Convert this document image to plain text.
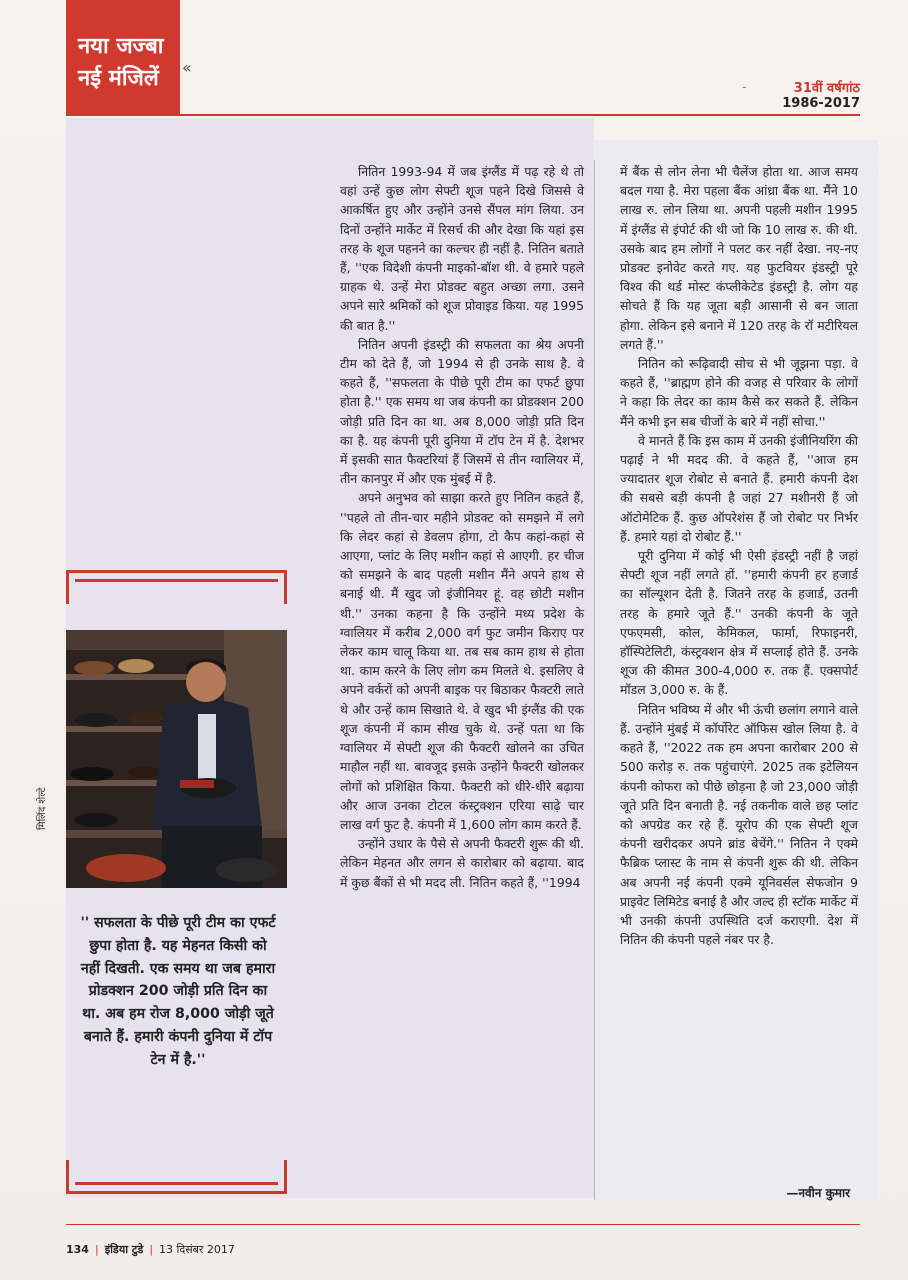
नया जज्बा
नई मंजिलें «
-	31वीं वर्षगांठ
1986-2017
मिलिंद शेल्टे
'' सफलता के पीछे पूरी टीम का एफर्ट छुपा होता है. यह मेहनत किसी को नहीं दिखती. एक समय था जब हमारा प्रोडक्शन 200 जोड़ी प्रति दिन का था. अब हम रोज 8,000 जोड़ी जूते बनाते हैं. हमारी कंपनी दुनिया में टॉप टेन में है.''

नितिन 1993-94 में जब इंग्लैंड में पढ़ रहे थे तो वहां उन्हें कुछ लोग सेफ्टी शूज पहने दिखे जिससे वे आकर्षित हुए और उन्होंने उनसे सैंपल मांग लिया. उन दिनों उन्होंने मार्केट में रिसर्च की और देखा कि यहां इस तरह के शूज पहनने का कल्चर ही नहीं है. नितिन बताते हैं, ''एक विदेशी कंपनी माइको-बॉश थी. वे हमारे पहले ग्राहक थे. उन्हें मेरा प्रोडक्ट बहुत अच्छा लगा. उसने अपने सारे श्रमिकों को शूज प्रोवाइड किया. यह 1995 की बात है.''

नितिन अपनी इंडस्ट्री की सफलता का श्रेय अपनी टीम को देते हैं, जो 1994 से ही उनके साथ है. वे कहते हैं, ''सफलता के पीछे पूरी टीम का एफर्ट छुपा होता है.'' एक समय था जब कंपनी का प्रोडक्शन 200 जोड़ी प्रति दिन का था. अब 8,000 जोड़ी प्रति दिन का है. यह कंपनी पूरी दुनिया में टॉप टेन में है. देशभर में इसकी सात फैक्टरियां हैं जिसमें से तीन ग्वालियर में, तीन कानपुर में और एक मुंबई में है.

अपने अनुभव को साझा करते हुए नितिन कहते हैं, ''पहले तो तीन-चार महीने प्रोडक्ट को समझने में लगे कि लेदर कहां से डेवलप होगा, टो कैप कहां-कहां से आएगा, प्लांट के लिए मशीन कहां से आएगी. हर चीज को समझने के बाद पहली मशीन मैंने अपने हाथ से बनाई थी. मैं खुद जो इंजीनियर हूं. वह छोटी मशीन थी.'' उनका कहना है कि उन्होंने मध्य प्रदेश के ग्वालियर में करीब 2,000 वर्ग फुट जमीन किराए पर लेकर काम चालू किया था. तब सब काम हाथ से होता था. काम करने के लिए लोग कम मिलते थे. इसलिए वे अपने वर्करों को अपनी बाइक पर बिठाकर फैक्टरी लाते थे और उन्हें काम सिखाते थे. वे खुद भी इंग्लैंड की एक शूज कंपनी में काम सीख चुके थे. उन्हें पता था कि ग्वालियर में सेफ्टी शूज की फैक्टरी खोलने का उचित माहौल नहीं था. बावजूद इसके उन्होंने फैक्टरी खोलकर लोगों को प्रशिक्षित किया. फैक्टरी को धीरे-धीरे बढ़ाया और आज उनका टोटल कंस्ट्रक्शन एरिया साढ़े चार लाख वर्ग फुट है. कंपनी में 1,600 लोग काम करते हैं.

उन्होंने उधार के पैसे से अपनी फैक्टरी शुरू की थी. लेकिन मेहनत और लगन से कारोबार को बढ़ाया. बाद में कुछ बैंकों से भी मदद ली. नितिन कहते हैं, ''1994

में बैंक से लोन लेना भी चैलेंज होता था. आज समय बदल गया है. मेरा पहला बैंक आंध्रा बैंक था. मैंने 10 लाख रु. लोन लिया था. अपनी पहली मशीन 1995 में इंग्लैंड से इंपोर्ट की थी जो कि 10 लाख रु. की थी. उसके बाद हम लोगों ने पलट कर नहीं देखा. नए-नए प्रोडक्ट इनोवेट करते गए. यह फुटवियर इंडस्ट्री पूरे विश्व की थर्ड मोस्ट कंप्लीकेटेड इंडस्ट्री है. लोग यह सोचते हैं कि यह जूता बड़ी आसानी से बन जाता होगा. लेकिन इसे बनाने में 120 तरह के रॉ मटीरियल लगते हैं.''

नितिन को रूढ़िवादी सोच से भी जूझना पड़ा. वे कहते हैं, ''ब्राह्मण होने की वजह से परिवार के लोगों ने कहा कि लेदर का काम कैसे कर सकते हैं. लेकिन मैंने कभी इन सब चीजों के बारे में नहीं सोचा.''

वे मानते हैं कि इस काम में उनकी इंजीनियरिंग की पढ़ाई ने भी मदद की. वे कहते हैं, ''आज हम ज्यादातर शूज रोबोट से बनाते हैं. हमारी कंपनी देश की सबसे बड़ी कंपनी है जहां 27 मशीनरी हैं जो ऑटोमेटिक हैं. कुछ ऑपरेशंस हैं जो रोबोट पर निर्भर हैं. हमारे यहां दो रोबोट हैं.''

पूरी दुनिया में कोई भी ऐसी इंडस्ट्री नहीं है जहां सेफ्टी शूज नहीं लगते हों. ''हमारी कंपनी हर हजार्ड का सॉल्यूशन देती है. जितने तरह के हजार्ड, उतनी तरह के हमारे जूते हैं.'' उनकी कंपनी के जूते एफएमसी, कोल, केमिकल, फार्मा, रिफाइनरी, हॉस्पिटेलिटी, कंस्ट्रक्शन क्षेत्र में सप्लाई होते हैं. उनके शूज की कीमत 300-4,000 रु. तक हैं. एक्सपोर्ट मॉडल 3,000 रु. के हैं.

नितिन भविष्य में और भी ऊंची छलांग लगाने वाले हैं. उन्होंने मुंबई में कॉर्पोरेट ऑफिस खोल लिया है. वे कहते हैं, ''2022 तक हम अपना कारोबार 200 से 500 करोड़ रु. तक पहुंचाएंगे. 2025 तक इटेलियन कंपनी कोफरा को पीछे छोड़ना है जो 23,000 जोड़ी जूते प्रति दिन बनाती है. नई तकनीक वाले छह प्लांट को अपग्रेड कर रहे हैं. यूरोप की एक सेफ्टी शूज कंपनी खरीदकर अपने ब्रांड बेचेंगे.'' नितिन ने एक्मे फैब्रिक प्लास्ट के नाम से कंपनी शुरू की थी. लेकिन अब अपनी नई कंपनी एक्मे यूनिवर्सल सेफजोन 9 प्राइवेट लिमिटेड बनाई है और जल्द ही स्टॉक मार्केट में भी उनकी कंपनी उपस्थिति दर्ज कराएगी. देश में नितिन की कंपनी पहले नंबर पर है.

—नवीन कुमार
134 | इंडिया टुडे | 13 दिसंबर 2017
